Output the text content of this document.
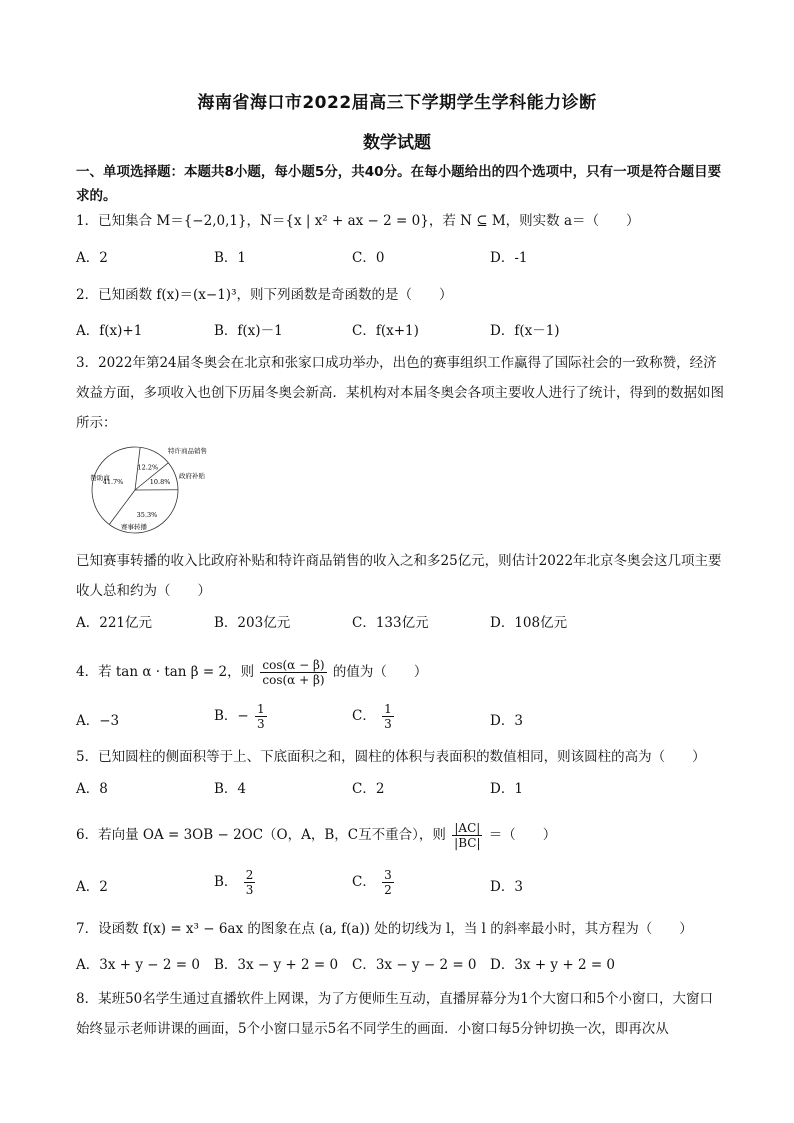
海南省海口市2022届高三下学期学生学科能力诊断
数学试题
一、单项选择题：本题共8小题，每小题5分，共40分。在每小题给出的四个选项中，只有一项是符合题目要求的。
1．已知集合 M＝{−2,0,1}，N＝{x | x² + ax − 2 = 0}，若 N ⊆ M，则实数 a＝（　　）
A．2	B．1	C．0	D．-1
2．已知函数 f(x)＝(x−1)³，则下列函数是奇函数的是（　　）
A．f(x)+1	B．f(x)－1	C．f(x+1)	D．f(x－1)
3．2022年第24届冬奥会在北京和张家口成功举办，出色的赛事组织工作赢得了国际社会的一致称赞，经济效益方面，多项收入也创下历届冬奥会新高．某机构对本届冬奥会各项主要收人进行了统计，得到的数据如图所示：
12.2%
10.8%
35.3%
41.7%
赞助商
特许商品销售
政府补贴
赛事转播
已知赛事转播的收入比政府补贴和特许商品销售的收入之和多25亿元，则估计2022年北京冬奥会这几项主要收人总和约为（　　）
A．221亿元	B．203亿元	C．133亿元	D．108亿元
4．若 tan α · tan β = 2，则 $\frac{\cos(\alpha - \beta)}{\cos(\alpha + \beta)}$ 的值为（　　）
A．−3	B．− $\frac{1}{3}$	C． $\frac{1}{3}$	D．3
5．已知圆柱的侧面积等于上、下底面积之和，圆柱的体积与表面积的数值相同，则该圆柱的高为（　　）
A．8	B．4	C．2	D．1
6．若向量 OA = 3OB − 2OC（O，A，B，C互不重合），则 $\frac{|AC|}{|BC|}$ ＝（　　）
A．2	B． $\frac{2}{3}$	C． $\frac{3}{2}$	D．3
7．设函数 f(x) = x³ − 6ax 的图象在点 (a, f(a)) 处的切线为 l，当 l 的斜率最小时，其方程为（　　）
A．3x + y − 2 = 0 B．3x − y + 2 = 0 C．3x − y − 2 = 0 D．3x + y + 2 = 0
8．某班50名学生通过直播软件上网课，为了方便师生互动，直播屏幕分为1个大窗口和5个小窗口，大窗口始终显示老师讲课的画面，5个小窗口显示5名不同学生的画面．小窗口每5分钟切换一次，即再次从
